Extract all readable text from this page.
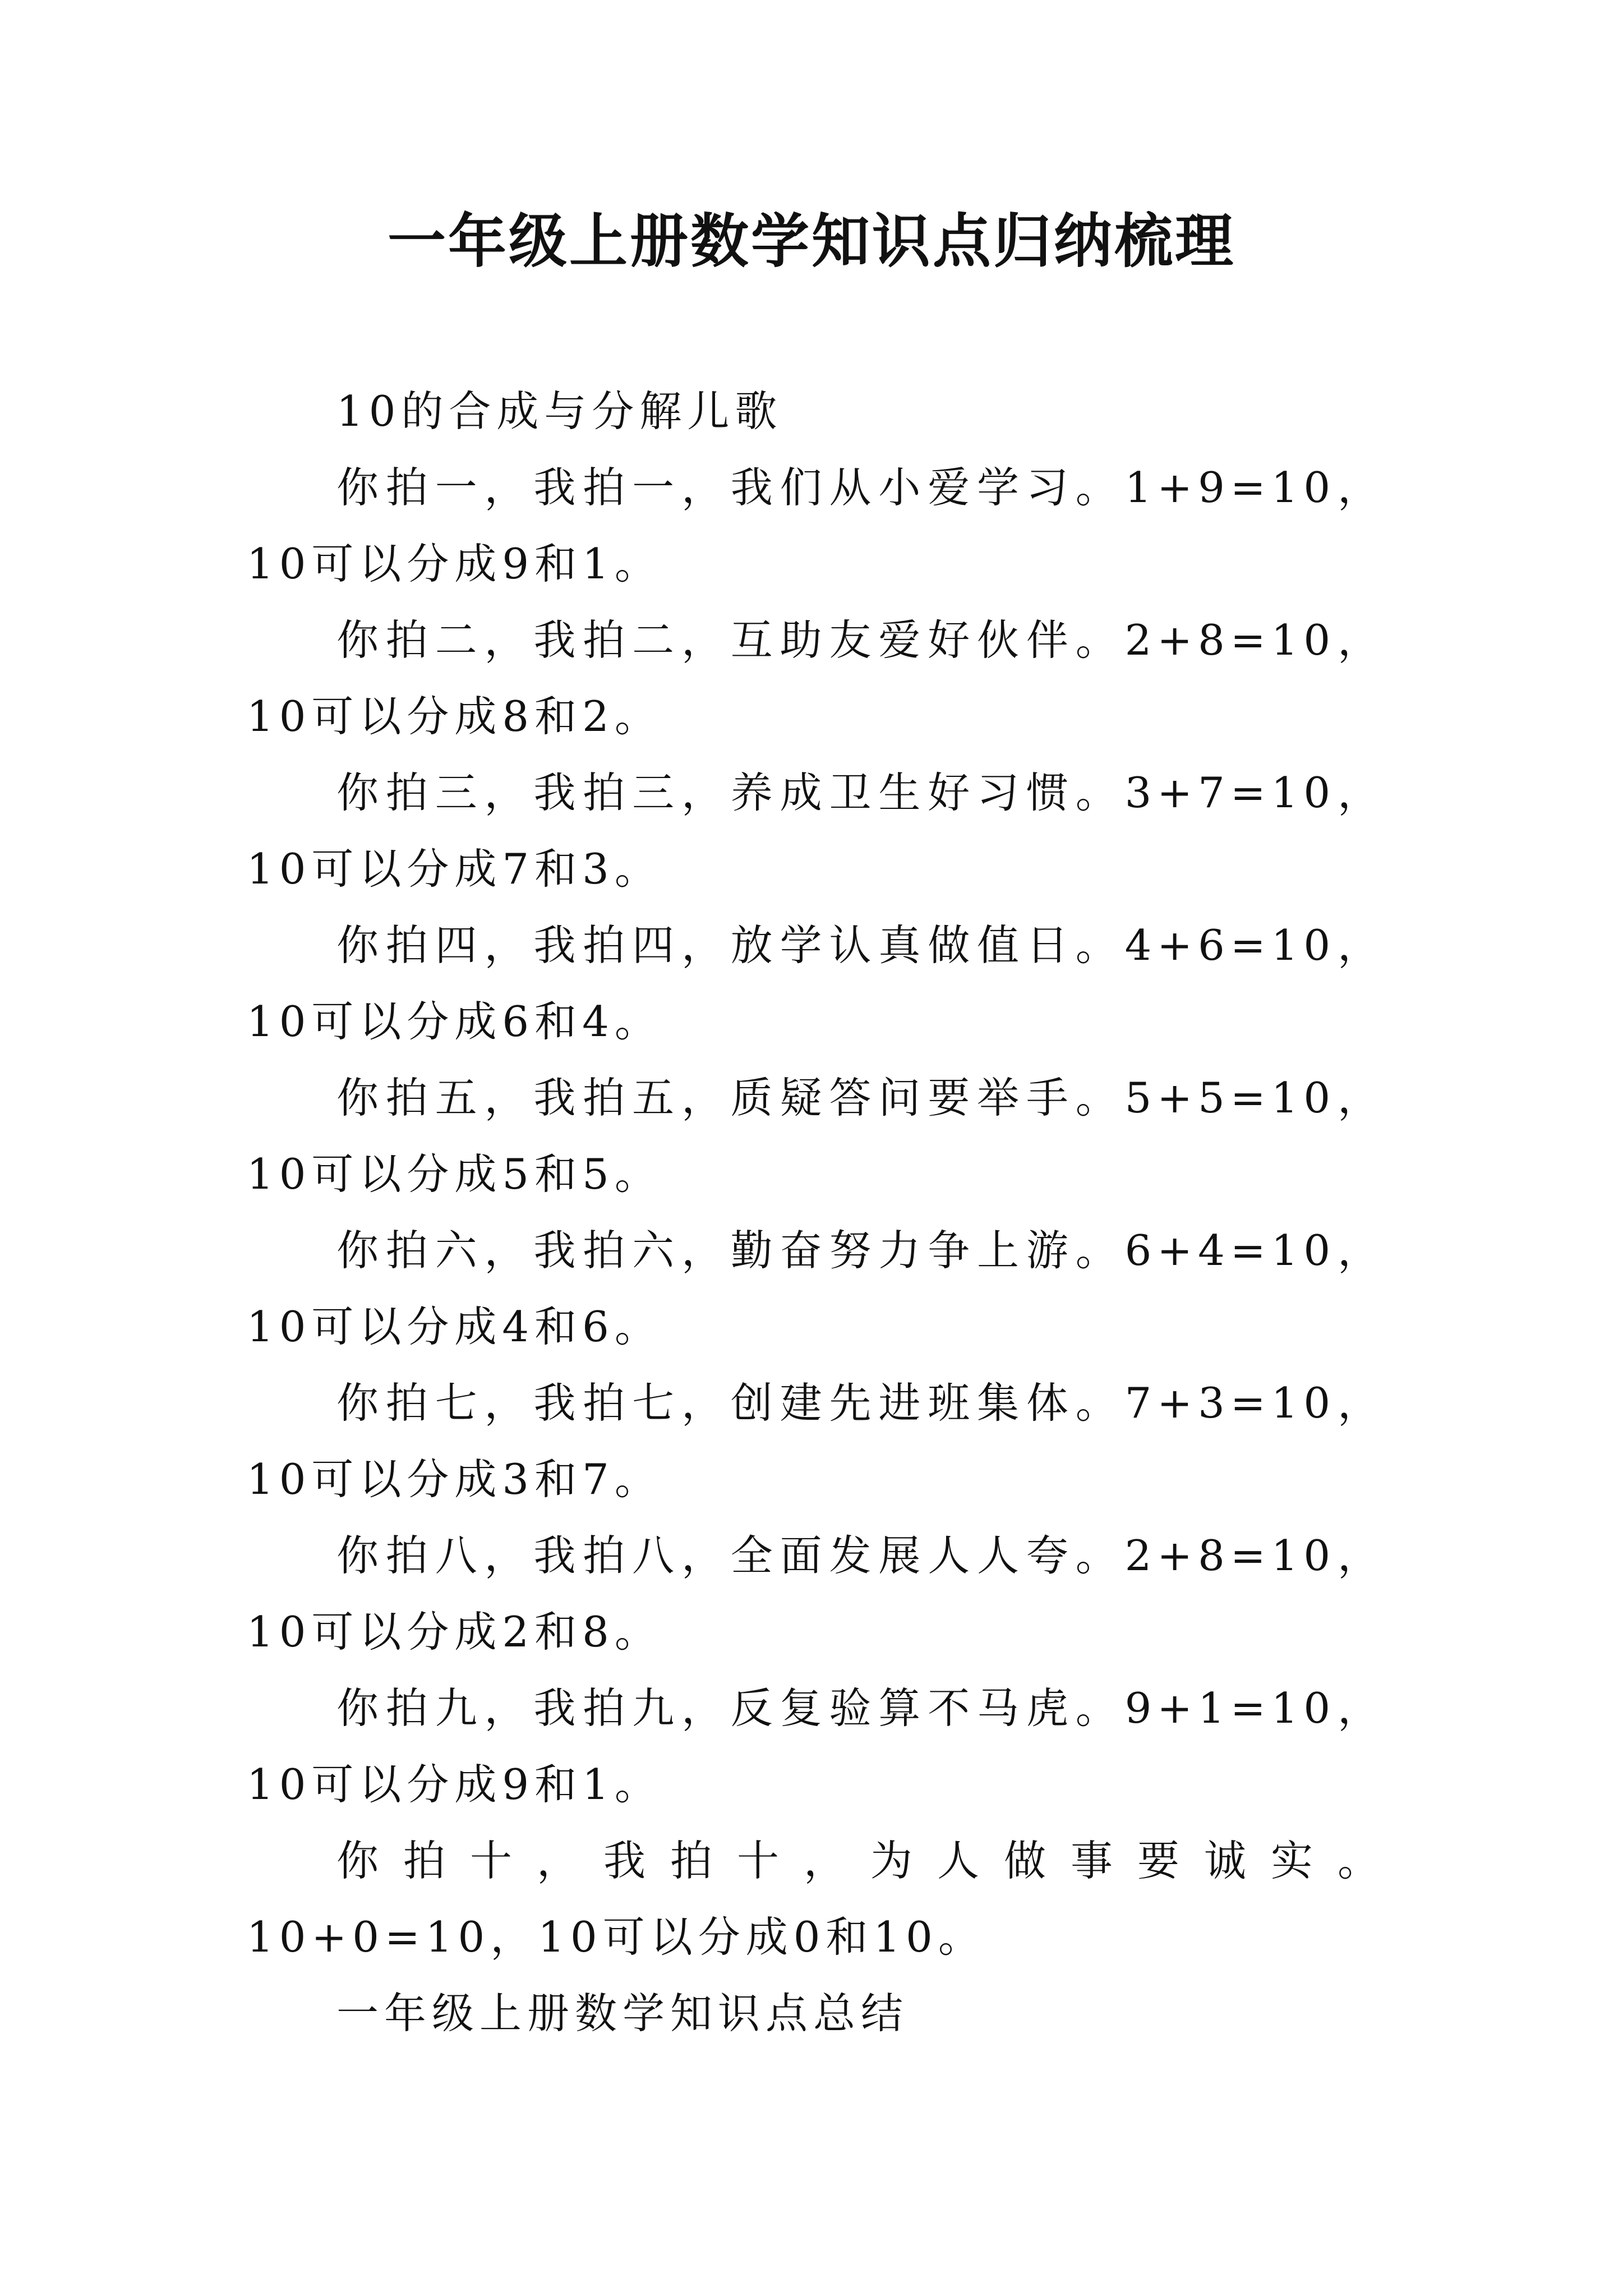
一年级上册数学知识点归纳梳理

10的合成与分解儿歌

你拍一，我拍一，我们从小爱学习。1+9=10，10可以分成9和1。

你拍二，我拍二，互助友爱好伙伴。2+8=10，10可以分成8和2。

你拍三，我拍三，养成卫生好习惯。3+7=10，10可以分成7和3。

你拍四，我拍四，放学认真做值日。4+6=10，10可以分成6和4。

你拍五，我拍五，质疑答问要举手。5+5=10，10可以分成5和5。

你拍六，我拍六，勤奋努力争上游。6+4=10，10可以分成4和6。

你拍七，我拍七，创建先进班集体。7+3=10，10可以分成3和7。

你拍八，我拍八，全面发展人人夸。2+8=10，10可以分成2和8。

你拍九，我拍九，反复验算不马虎。9+1=10，10可以分成9和1。

你拍十，我拍十，为人做事要诚实。10+0=10，10可以分成0和10。

一年级上册数学知识点总结
